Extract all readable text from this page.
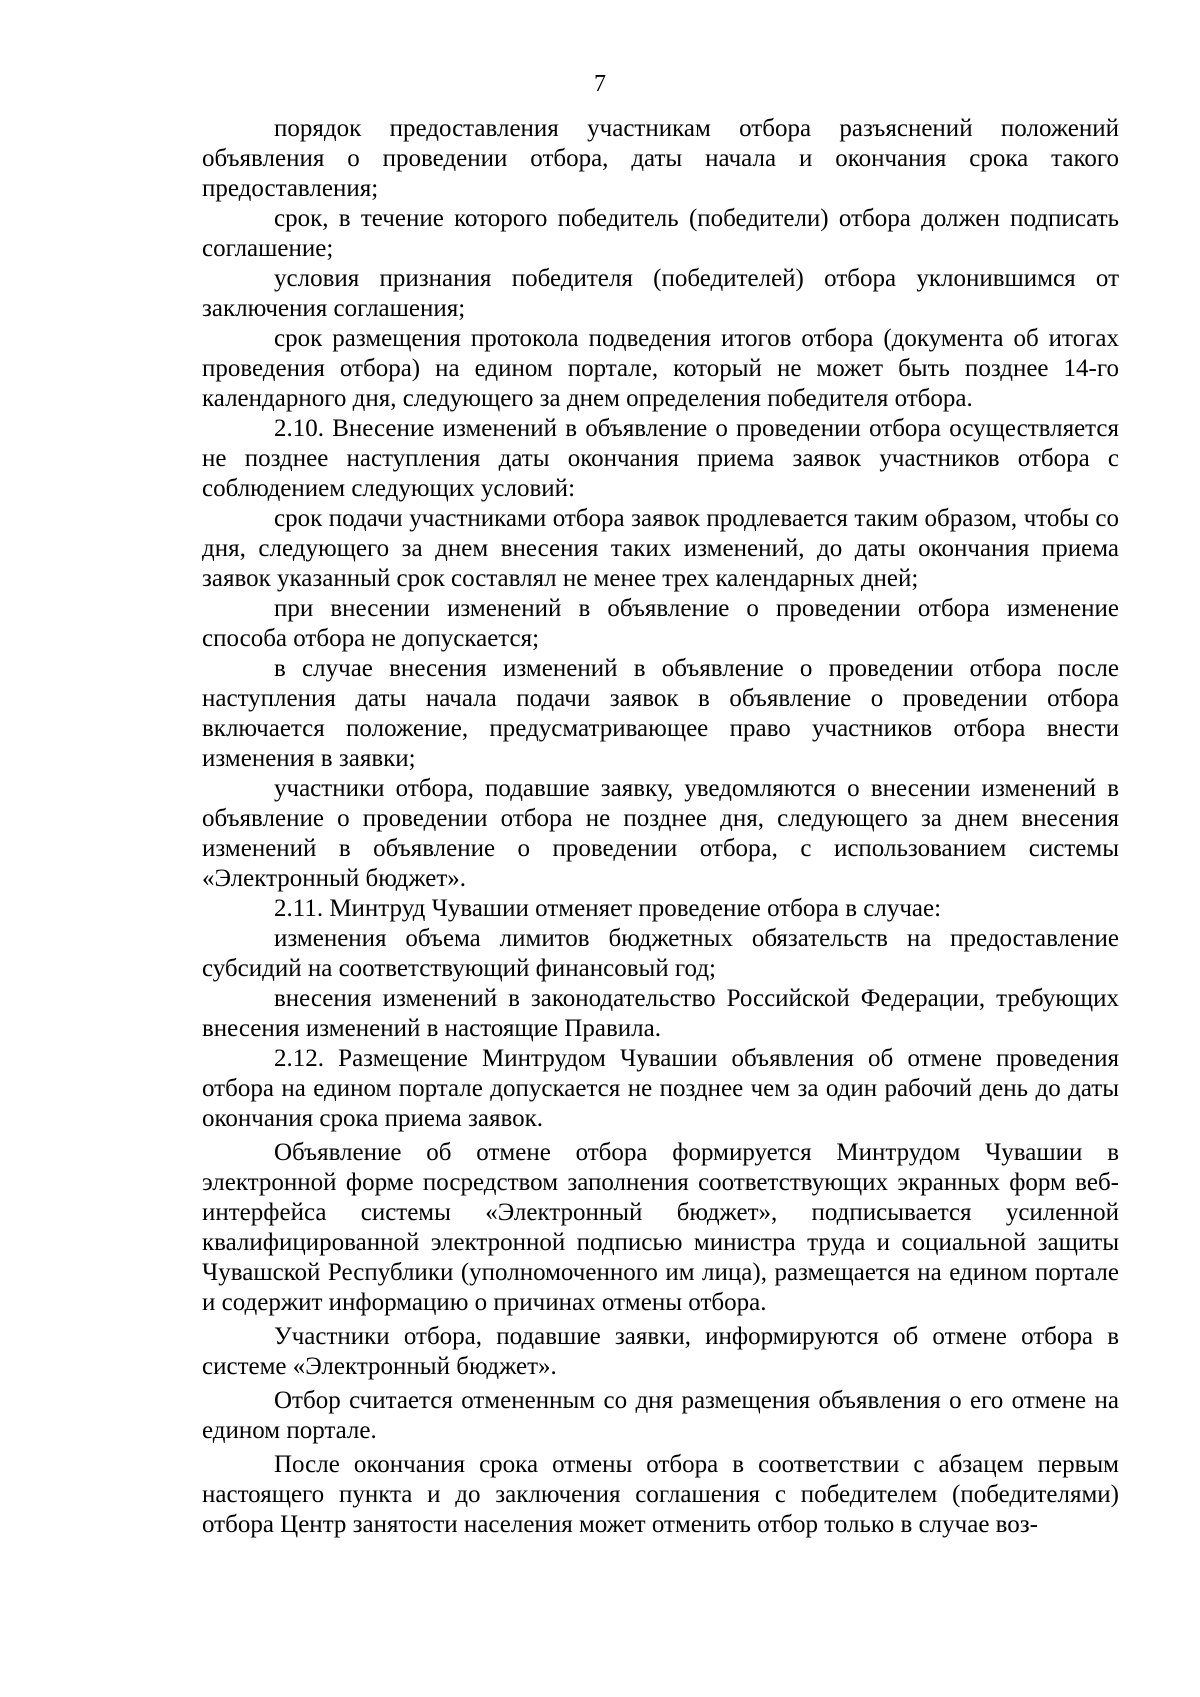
7

порядок предоставления участникам отбора разъяснений положений объявления о проведении отбора, даты начала и окончания срока такого предоставления;

срок, в течение которого победитель (победители) отбора должен подписать соглашение;

условия признания победителя (победителей) отбора уклонившимся от заключения соглашения;

срок размещения протокола подведения итогов отбора (документа об итогах проведения отбора) на едином портале, который не может быть позднее 14-го календарного дня, следующего за днем определения победителя отбора.

2.10. Внесение изменений в объявление о проведении отбора осуществляется не позднее наступления даты окончания приема заявок участников отбора с соблюдением следующих условий:

срок подачи участниками отбора заявок продлевается таким образом, чтобы со дня, следующего за днем внесения таких изменений, до даты окончания приема заявок указанный срок составлял не менее трех календарных дней;

при внесении изменений в объявление о проведении отбора изменение способа отбора не допускается;

в случае внесения изменений в объявление о проведении отбора после наступления даты начала подачи заявок в объявление о проведении отбора включается положение, предусматривающее право участников отбора внести изменения в заявки;

участники отбора, подавшие заявку, уведомляются о внесении изменений в объявление о проведении отбора не позднее дня, следующего за днем внесения изменений в объявление о проведении отбора, с использованием системы «Электронный бюджет».

2.11. Минтруд Чувашии отменяет проведение отбора в случае:

изменения объема лимитов бюджетных обязательств на предоставление субсидий на соответствующий финансовый год;

внесения изменений в законодательство Российской Федерации, требующих внесения изменений в настоящие Правила.

2.12. Размещение Минтрудом Чувашии объявления об отмене проведения отбора на едином портале допускается не позднее чем за один рабочий день до даты окончания срока приема заявок.

Объявление об отмене отбора формируется Минтрудом Чувашии в электронной форме посредством заполнения соответствующих экранных форм веб-интерфейса системы «Электронный бюджет», подписывается усиленной квалифицированной электронной подписью министра труда и социальной защиты Чувашской Республики (уполномоченного им лица), размещается на едином портале и содержит информацию о причинах отмены отбора.

Участники отбора, подавшие заявки, информируются об отмене отбора в системе «Электронный бюджет».

Отбор считается отмененным со дня размещения объявления о его отмене на едином портале.

После окончания срока отмены отбора в соответствии с абзацем первым настоящего пункта и до заключения соглашения с победителем (победителями) отбора Центр занятости населения может отменить отбор только в случае воз-
